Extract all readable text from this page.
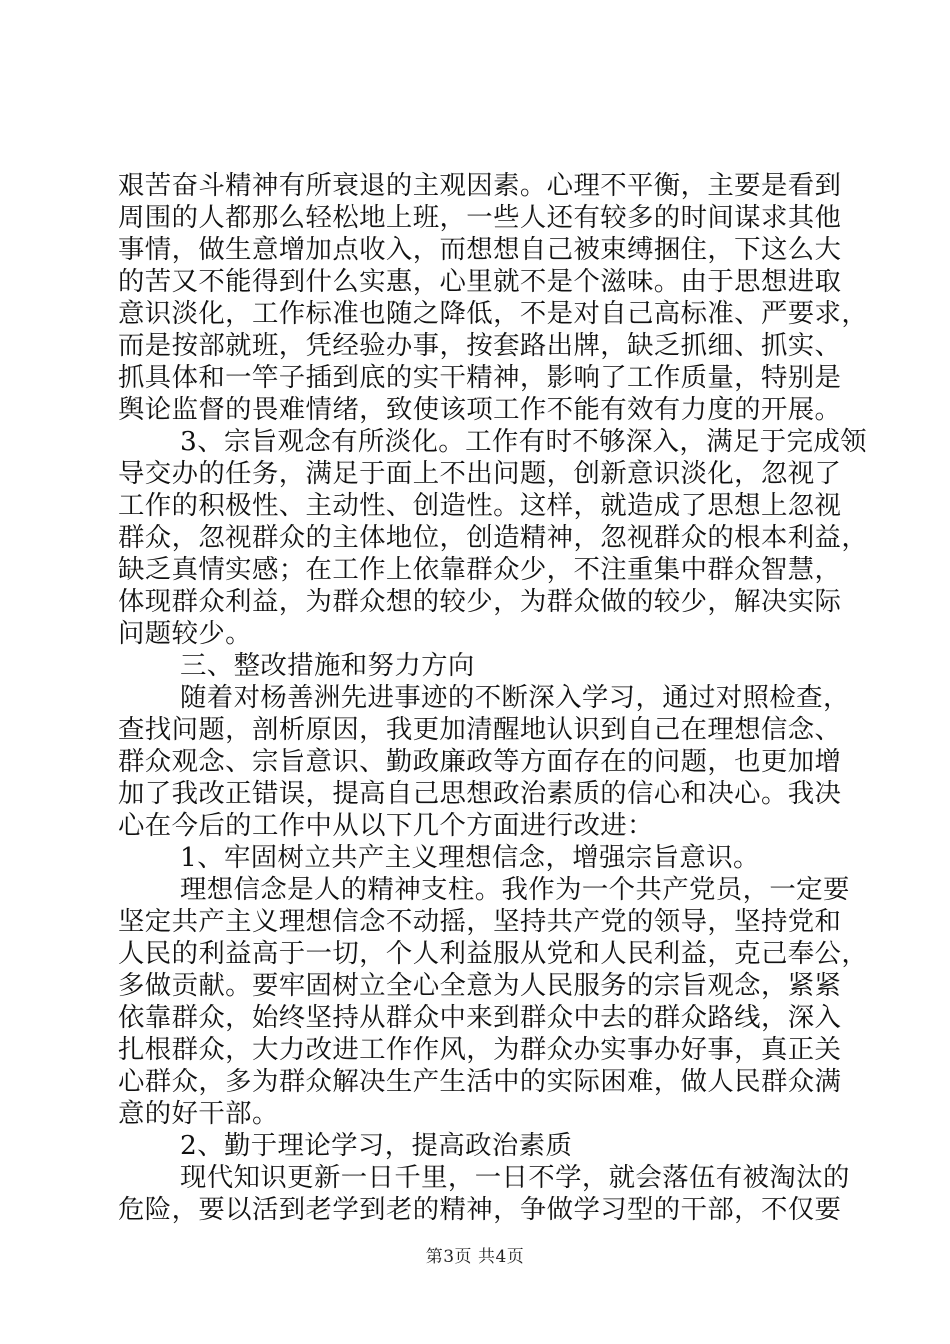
艰苦奋斗精神有所衰退的主观因素。心理不平衡，主要是看到
周围的人都那么轻松地上班，一些人还有较多的时间谋求其他
事情，做生意增加点收入，而想想自己被束缚捆住，下这么大
的苦又不能得到什么实惠，心里就不是个滋味。由于思想进取
意识淡化，工作标准也随之降低，不是对自己高标准、严要求，
而是按部就班，凭经验办事，按套路出牌，缺乏抓细、抓实、
抓具体和一竿子插到底的实干精神，影响了工作质量，特别是
舆论监督的畏难情绪，致使该项工作不能有效有力度的开展。
3、宗旨观念有所淡化。工作有时不够深入，满足于完成领
导交办的任务，满足于面上不出问题，创新意识淡化，忽视了
工作的积极性、主动性、创造性。这样，就造成了思想上忽视
群众，忽视群众的主体地位，创造精神，忽视群众的根本利益，
缺乏真情实感；在工作上依靠群众少，不注重集中群众智慧，
体现群众利益，为群众想的较少，为群众做的较少，解决实际
问题较少。
三、整改措施和努力方向
随着对杨善洲先进事迹的不断深入学习，通过对照检查，
查找问题，剖析原因，我更加清醒地认识到自己在理想信念、
群众观念、宗旨意识、勤政廉政等方面存在的问题，也更加增
加了我改正错误，提高自己思想政治素质的信心和决心。我决
心在今后的工作中从以下几个方面进行改进：
1、牢固树立共产主义理想信念，增强宗旨意识。
理想信念是人的精神支柱。我作为一个共产党员，一定要
坚定共产主义理想信念不动摇，坚持共产党的领导，坚持党和
人民的利益高于一切，个人利益服从党和人民利益，克己奉公，
多做贡献。要牢固树立全心全意为人民服务的宗旨观念，紧紧
依靠群众，始终坚持从群众中来到群众中去的群众路线，深入
扎根群众，大力改进工作作风，为群众办实事办好事，真正关
心群众，多为群众解决生产生活中的实际困难，做人民群众满
意的好干部。
2、勤于理论学习，提高政治素质
现代知识更新一日千里，一日不学，就会落伍有被淘汰的
危险，要以活到老学到老的精神，争做学习型的干部，不仅要
第3页 共4页
